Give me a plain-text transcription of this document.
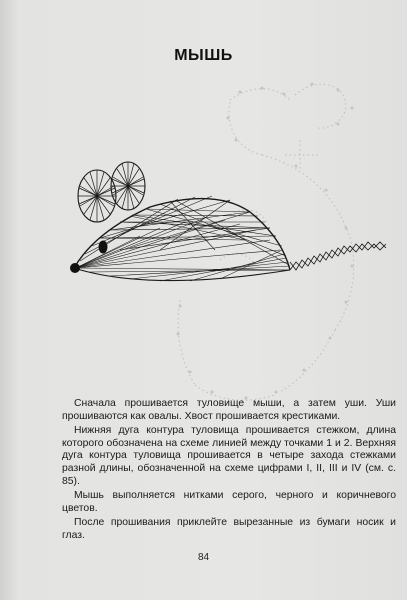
МЫШЬ

Сначала прошивается туловище мыши, а затем уши. Уши прошиваются как овалы. Хвост прошивается крестиками.

Нижняя дуга контура туловища прошивается стежком, длина которого обозначена на схеме линией между точками 1 и 2. Верхняя дуга контура туловища прошивается в четыре захода стежками разной длины, обозначенной на схеме цифрами I, II, III и IV (см. с. 85).

Мышь выполняется нитками серого, черного и коричневого цветов.

После прошивания приклейте вырезанные из бумаги носик и глаз.

84
